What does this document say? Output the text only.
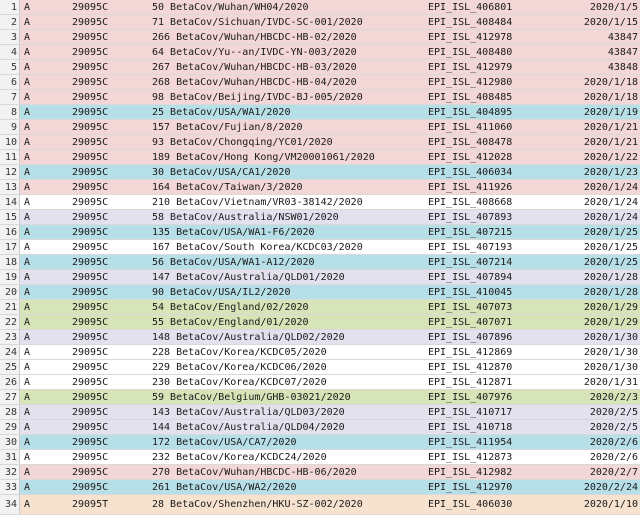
1 A	29095C	50 BetaCov/Wuhan/WH04/2020	EPI_ISL_406801	2020/1/5
2 A	29095C	71 BetaCov/Sichuan/IVDC-SC-001/2020	EPI_ISL_408484	2020/1/15
3 A	29095C	266 BetaCov/Wuhan/HBCDC-HB-02/2020	EPI_ISL_412978	43847
4 A	29095C	64 BetaCov/Yu--an/IVDC-YN-003/2020	EPI_ISL_408480	43847
5 A	29095C	267 BetaCov/Wuhan/HBCDC-HB-03/2020	EPI_ISL_412979	43848
6 A	29095C	268 BetaCov/Wuhan/HBCDC-HB-04/2020	EPI_ISL_412980	2020/1/18
7 A	29095C	98 BetaCov/Beijing/IVDC-BJ-005/2020	EPI_ISL_408485	2020/1/18
8 A	29095C	25 BetaCov/USA/WA1/2020	EPI_ISL_404895	2020/1/19
9 A	29095C	157 BetaCov/Fujian/8/2020	EPI_ISL_411060	2020/1/21
10 A	29095C	93 BetaCov/Chongqing/YC01/2020	EPI_ISL_408478	2020/1/21
11 A	29095C	189 BetaCov/Hong Kong/VM20001061/2020	EPI_ISL_412028	2020/1/22
12 A	29095C	30 BetaCov/USA/CA1/2020	EPI_ISL_406034	2020/1/23
13 A	29095C	164 BetaCov/Taiwan/3/2020	EPI_ISL_411926	2020/1/24
14 A	29095C	210 BetaCov/Vietnam/VR03-38142/2020	EPI_ISL_408668	2020/1/24
15 A	29095C	58 BetaCov/Australia/NSW01/2020	EPI_ISL_407893	2020/1/24
16 A	29095C	135 BetaCov/USA/WA1-F6/2020	EPI_ISL_407215	2020/1/25
17 A	29095C	167 BetaCov/South Korea/KCDC03/2020	EPI_ISL_407193	2020/1/25
18 A	29095C	56 BetaCov/USA/WA1-A12/2020	EPI_ISL_407214	2020/1/25
19 A	29095C	147 BetaCov/Australia/QLD01/2020	EPI_ISL_407894	2020/1/28
20 A	29095C	90 BetaCov/USA/IL2/2020	EPI_ISL_410045	2020/1/28
21 A	29095C	54 BetaCov/England/02/2020	EPI_ISL_407073	2020/1/29
22 A	29095C	55 BetaCov/England/01/2020	EPI_ISL_407071	2020/1/29
23 A	29095C	148 BetaCov/Australia/QLD02/2020	EPI_ISL_407896	2020/1/30
24 A	29095C	228 BetaCov/Korea/KCDC05/2020	EPI_ISL_412869	2020/1/30
25 A	29095C	229 BetaCov/Korea/KCDC06/2020	EPI_ISL_412870	2020/1/30
26 A	29095C	230 BetaCov/Korea/KCDC07/2020	EPI_ISL_412871	2020/1/31
27 A	29095C	59 BetaCov/Belgium/GHB-03021/2020	EPI_ISL_407976	2020/2/3
28 A	29095C	143 BetaCov/Australia/QLD03/2020	EPI_ISL_410717	2020/2/5
29 A	29095C	144 BetaCov/Australia/QLD04/2020	EPI_ISL_410718	2020/2/5
30 A	29095C	172 BetaCov/USA/CA7/2020	EPI_ISL_411954	2020/2/6
31 A	29095C	232 BetaCov/Korea/KCDC24/2020	EPI_ISL_412873	2020/2/6
32 A	29095C	270 BetaCov/Wuhan/HBCDC-HB-06/2020	EPI_ISL_412982	2020/2/7
33 A	29095C	261 BetaCov/USA/WA2/2020	EPI_ISL_412970	2020/2/24
34 A	29095T	28 BetaCov/Shenzhen/HKU-SZ-002/2020	EPI_ISL_406030	2020/1/10
